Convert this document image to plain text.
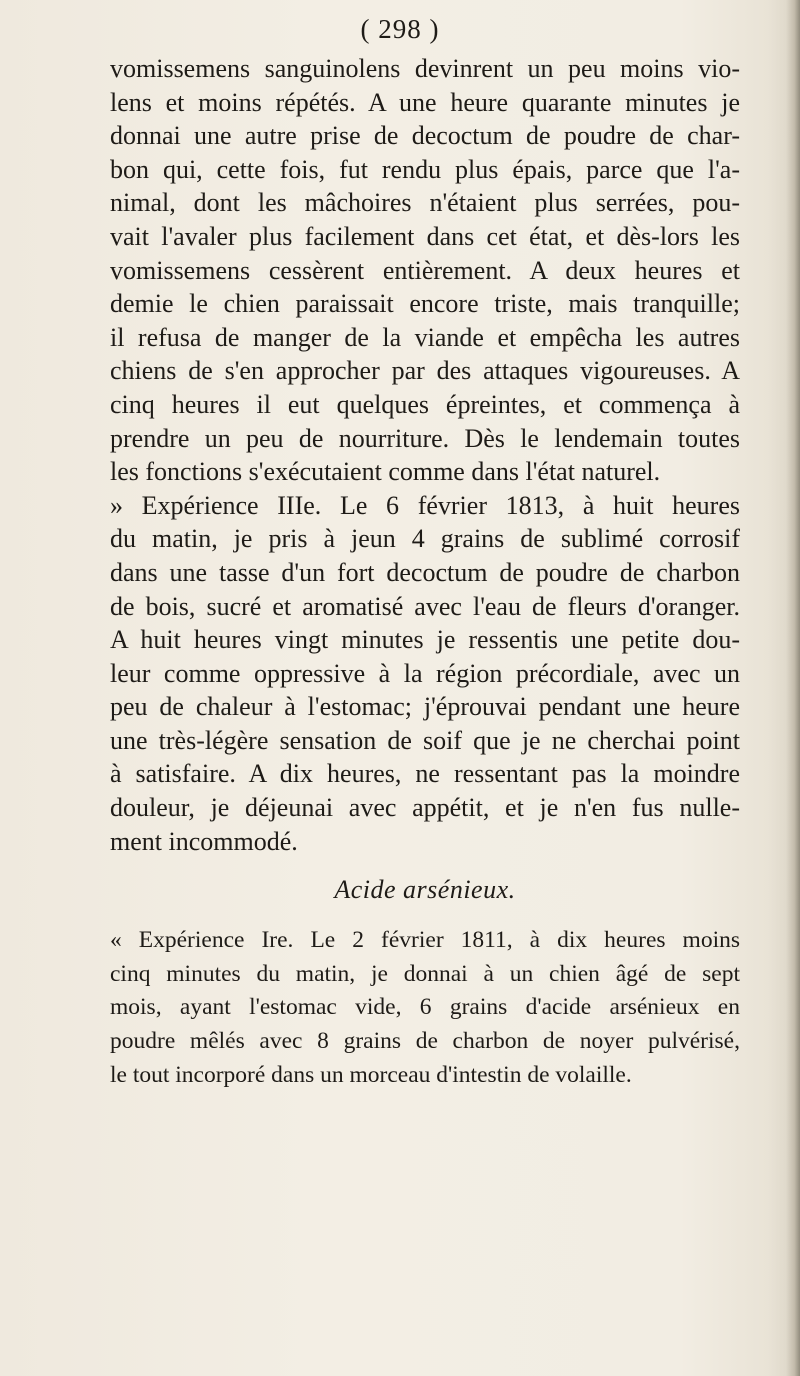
( 298 )
vomissemens sanguinolens devinrent un peu moins vio-
lens et moins répétés. A une heure quarante minutes je
donnai une autre prise de decoctum de poudre de char-
bon qui, cette fois, fut rendu plus épais, parce que l'a-
nimal, dont les mâchoires n'étaient plus serrées, pou-
vait l'avaler plus facilement dans cet état, et dès-lors les
vomissemens cessèrent entièrement. A deux heures et
demie le chien paraissait encore triste, mais tranquille;
il refusa de manger de la viande et empêcha les autres
chiens de s'en approcher par des attaques vigoureuses. A
cinq heures il eut quelques épreintes, et commença à
prendre un peu de nourriture. Dès le lendemain toutes
les fonctions s'exécutaient comme dans l'état naturel.
» Expérience IIIe. Le 6 février 1813, à huit heures
du matin, je pris à jeun 4 grains de sublimé corrosif
dans une tasse d'un fort decoctum de poudre de charbon
de bois, sucré et aromatisé avec l'eau de fleurs d'oranger.
A huit heures vingt minutes je ressentis une petite dou-
leur comme oppressive à la région précordiale, avec un
peu de chaleur à l'estomac; j'éprouvai pendant une heure
une très-légère sensation de soif que je ne cherchai point
à satisfaire. A dix heures, ne ressentant pas la moindre
douleur, je déjeunai avec appétit, et je n'en fus nulle-
ment incommodé.
Acide arsénieux.
« Expérience Ire. Le 2 février 1811, à dix heures moins
cinq minutes du matin, je donnai à un chien âgé de sept
mois, ayant l'estomac vide, 6 grains d'acide arsénieux en
poudre mêlés avec 8 grains de charbon de noyer pulvérisé,
le tout incorporé dans un morceau d'intestin de volaille.
